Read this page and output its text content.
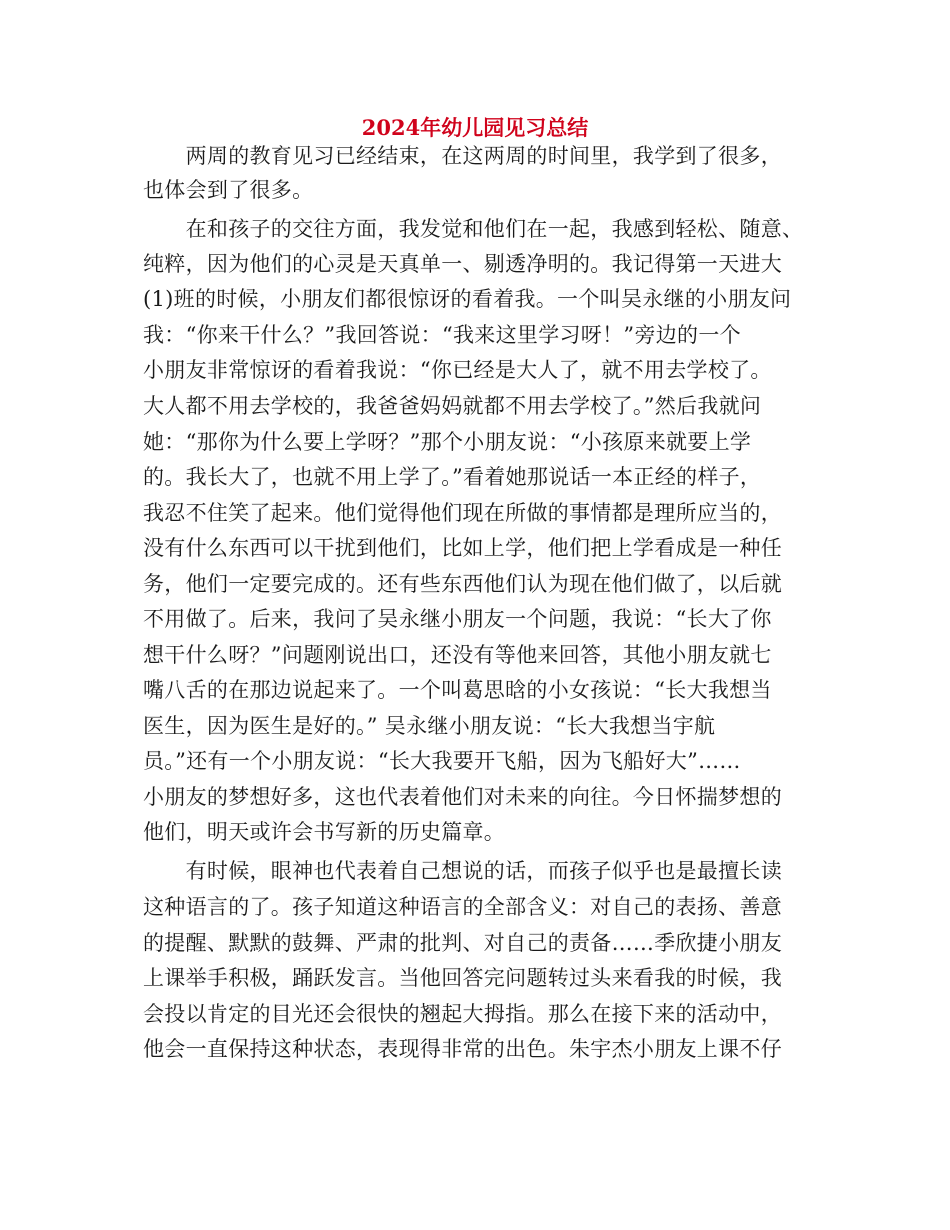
2024年幼儿园见习总结
　　两周的教育见习已经结束，在这两周的时间里，我学到了很多，
也体会到了很多。
　　在和孩子的交往方面，我发觉和他们在一起，我感到轻松、随意、
纯粹，因为他们的心灵是天真单一、剔透净明的。我记得第一天进大
(1)班的时候，小朋友们都很惊讶的看着我。一个叫吴永继的小朋友问
我：“你来干什么？”我回答说：“我来这里学习呀！”旁边的一个
小朋友非常惊讶的看着我说：“你已经是大人了，就不用去学校了。
大人都不用去学校的，我爸爸妈妈就都不用去学校了。”然后我就问
她：“那你为什么要上学呀？”那个小朋友说：“小孩原来就要上学
的。我长大了，也就不用上学了。”看着她那说话一本正经的样子，
我忍不住笑了起来。他们觉得他们现在所做的事情都是理所应当的，
没有什么东西可以干扰到他们，比如上学，他们把上学看成是一种任
务，他们一定要完成的。还有些东西他们认为现在他们做了，以后就
不用做了。后来，我问了吴永继小朋友一个问题，我说：“长大了你
想干什么呀？”问题刚说出口，还没有等他来回答，其他小朋友就七
嘴八舌的在那边说起来了。一个叫葛思晗的小女孩说：“长大我想当
医生，因为医生是好的。” 吴永继小朋友说：“长大我想当宇航
员。”还有一个小朋友说：“长大我要开飞船，因为飞船好大”……
小朋友的梦想好多，这也代表着他们对未来的向往。今日怀揣梦想的
他们，明天或许会书写新的历史篇章。
　　有时候，眼神也代表着自己想说的话，而孩子似乎也是最擅长读
这种语言的了。孩子知道这种语言的全部含义：对自己的表扬、善意
的提醒、默默的鼓舞、严肃的批判、对自己的责备……季欣捷小朋友
上课举手积极，踊跃发言。当他回答完问题转过头来看我的时候，我
会投以肯定的目光还会很快的翘起大拇指。那么在接下来的活动中，
他会一直保持这种状态，表现得非常的出色。朱宇杰小朋友上课不仔
